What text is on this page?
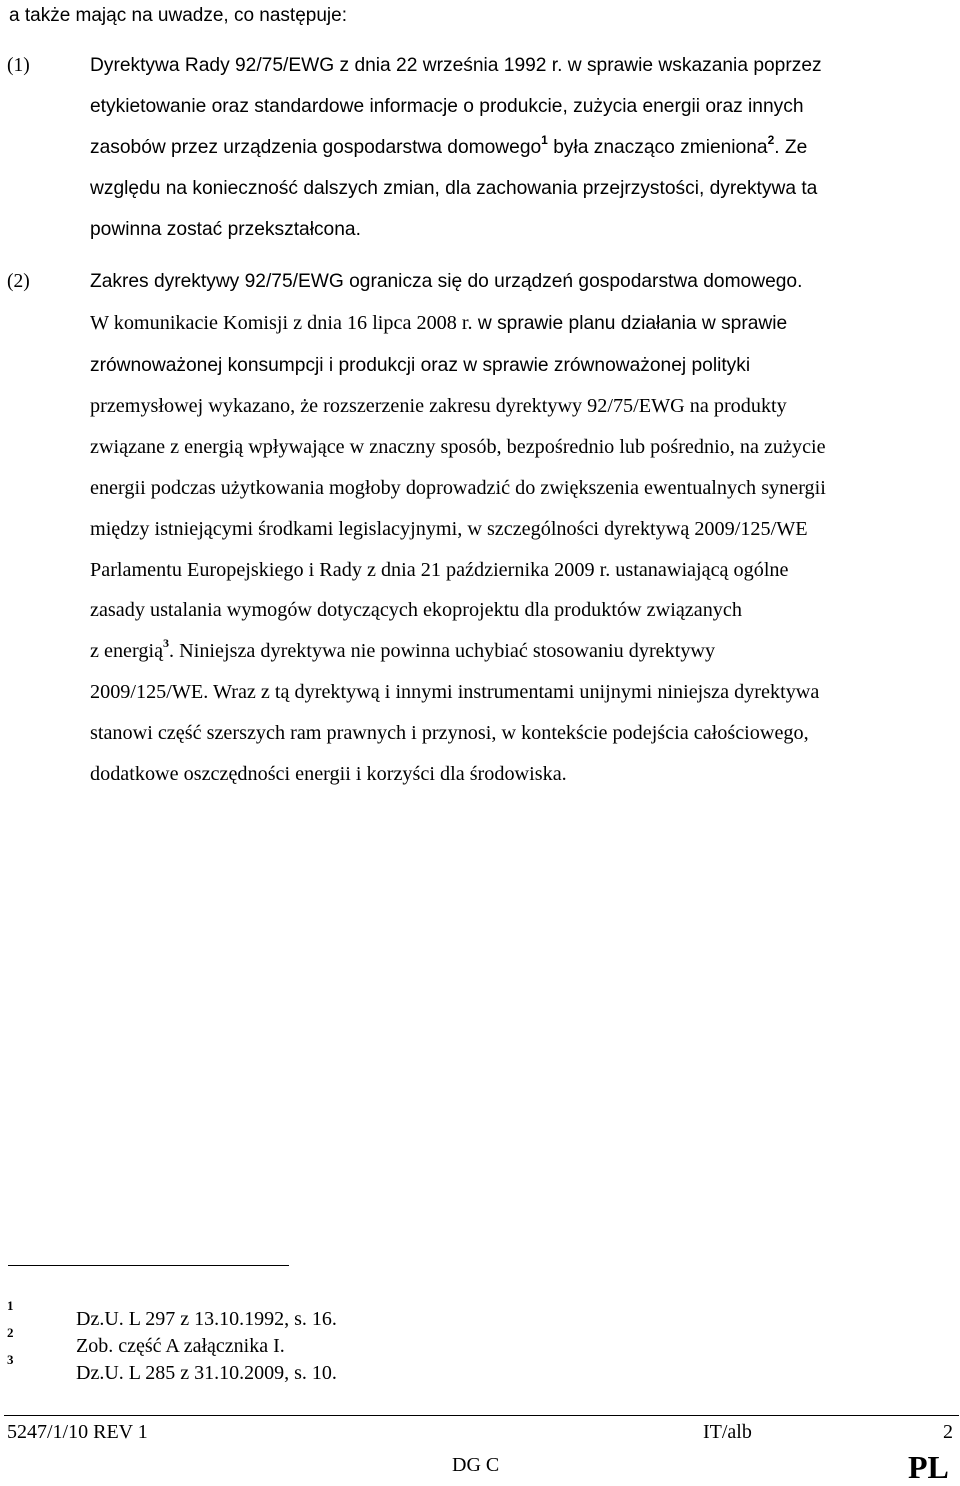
a także mając na uwadze, co następuje:
(1)	Dyrektywa Rady 92/75/EWG z dnia 22 września 1992 r. w sprawie wskazania poprzez
etykietowanie oraz standardowe informacje o produkcie, zużycia energii oraz innych
zasobów przez urządzenia gospodarstwa domowego$^1$ była znacząco zmieniona$^2$. Ze
względu na konieczność dalszych zmian, dla zachowania przejrzystości, dyrektywa ta
powinna zostać przekształcona.
(2)	Zakres dyrektywy 92/75/EWG ogranicza się do urządzeń gospodarstwa domowego.
W komunikacie Komisji z dnia 16 lipca 2008 r. w sprawie planu działania w sprawie
zrównoważonej konsumpcji i produkcji oraz w sprawie zrównoważonej polityki
przemysłowej wykazano, że rozszerzenie zakresu dyrektywy 92/75/EWG na produkty
związane z energią wpływające w znaczny sposób, bezpośrednio lub pośrednio, na zużycie
energii podczas użytkowania mogłoby doprowadzić do zwiększenia ewentualnych synergii
między istniejącymi środkami legislacyjnymi, w szczególności dyrektywą 2009/125/WE
Parlamentu Europejskiego i Rady z dnia 21 października 2009 r. ustanawiającą ogólne
zasady ustalania wymogów dotyczących ekoprojektu dla produktów związanych
z energią$^3$. Niniejsza dyrektywa nie powinna uchybiać stosowaniu dyrektywy
2009/125/WE. Wraz z tą dyrektywą i innymi instrumentami unijnymi niniejsza dyrektywa
stanowi część szerszych ram prawnych i przynosi, w kontekście podejścia całościowego,
dodatkowe oszczędności energii i korzyści dla środowiska.
1
Dz.U. L 297 z 13.10.1992, s. 16.
2
Zob. część A załącznika I.
3
Dz.U. L 285 z 31.10.2009, s. 10.
5247/1/10 REV 1	IT/alb	2
DG C	PL
